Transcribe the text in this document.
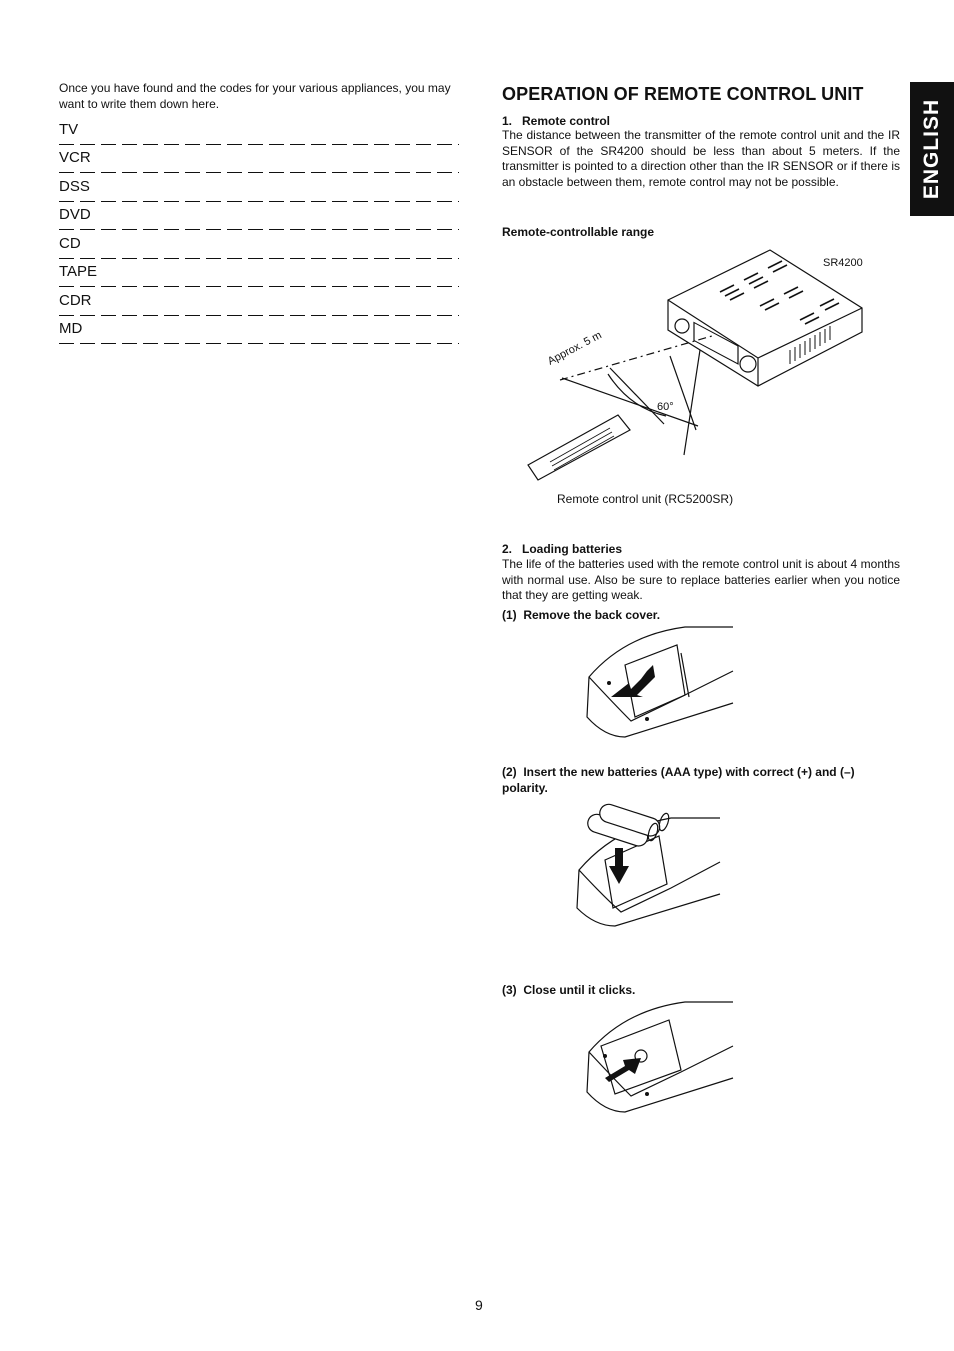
Once you have found and the codes for your various appliances, you may want to write them down here.
TV
VCR
DSS
DVD
CD
TAPE
CDR
MD
ENGLISH
OPERATION OF REMOTE CONTROL UNIT
1.   Remote control
The distance between the transmitter of the remote control unit and the IR SENSOR of the SR4200 should be less than about 5 meters. If the transmitter is pointed to a direction other than the IR SENSOR or if there is an obstacle between them, remote control may not be possible.
Remote-controllable range
SR4200
Approx. 5 m
60°
Remote control unit (RC5200SR)
2.   Loading batteries
The life of the batteries used with the remote control unit is about 4 months with normal use. Also be sure to replace batteries earlier when you notice that they are getting weak.
(1) Remove the back cover.
(2) Insert the new batteries (AAA type) with correct (+) and (–) polarity.
(3) Close until it clicks.
9
